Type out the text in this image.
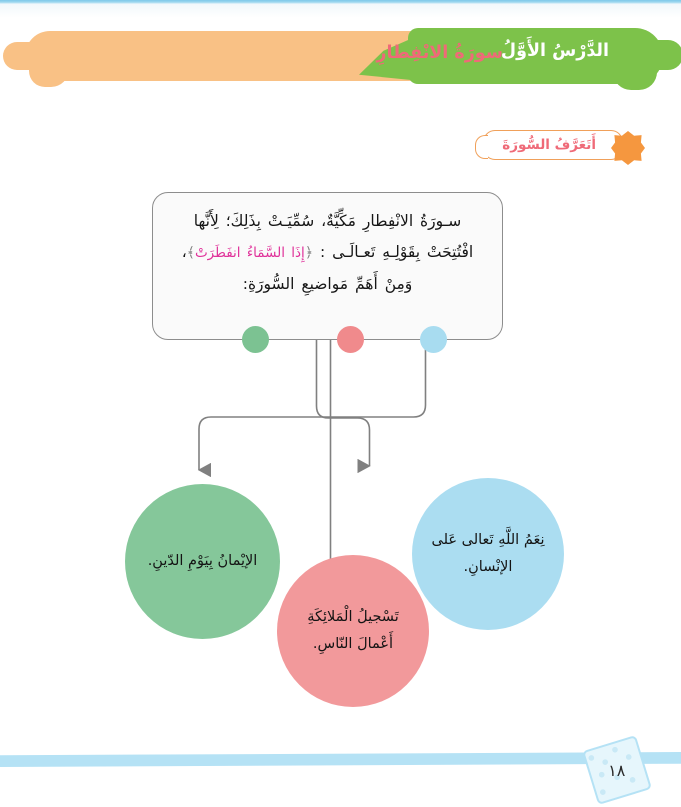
سورَةُ الانْفِطارِ
الدَّرْسُ الأَوَّلُ
أَتَعَرَّفُ السُّورَةَ

سـورَةُ الانْفِطارِ مَكِّيَّةٌ، سُمِّيَـتْ بِذَلِكَ؛ لِأَنَّها

افْتُتِحَتْ بِقَوْلِـهِ تَعـالَـى : ﴿إِذَا السَّمَاءُ انفَطَرَتْ﴾،

وَمِنْ أَهَمِّ مَواضيعِ السُّورَةِ:

الإيْمانُ بِيَوْمِ الدّينِ.
تَسْجيلُ الْمَلائِكَةِ أَعْمالَ النّاسِ.
نِعَمُ اللَّهِ تَعالى عَلى الإنْسانِ.
١٨
